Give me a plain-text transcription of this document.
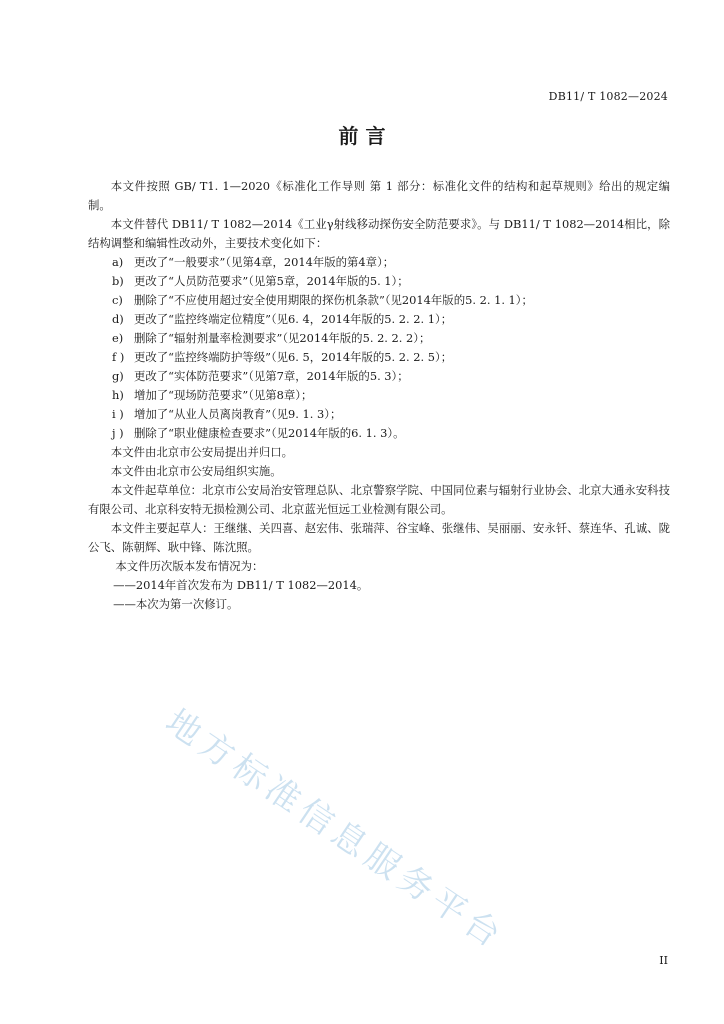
DB11/ T 1082—2024
前 言

本文件按照 GB/ T1. 1—2020《标准化工作导则 第 1 部分：标准化文件的结构和起草规则》给出的规定编制。

本文件替代 DB11/ T 1082—2014《工业γ射线移动探伤安全防范要求》。与 DB11/ T 1082—2014相比，除结构调整和编辑性改动外，主要技术变化如下：

a) 更改了“一般要求”（见第4章，2014年版的第4章）；
b) 更改了“人员防范要求”（见第5章，2014年版的5. 1）；
c) 删除了“不应使用超过安全使用期限的探伤机条款”（见2014年版的5. 2. 1. 1）；
d) 更改了“监控终端定位精度”（见6. 4，2014年版的5. 2. 2. 1）；
e) 删除了“辐射剂量率检测要求”（见2014年版的5. 2. 2. 2）；
f ) 更改了“监控终端防护等级”（见6. 5，2014年版的5. 2. 2. 5）；
g) 更改了“实体防范要求”（见第7章，2014年版的5. 3）；
h) 增加了“现场防范要求”（见第8章）；
i ) 增加了“从业人员离岗教育”（见9. 1. 3）；
j ) 删除了“职业健康检查要求”（见2014年版的6. 1. 3）。

本文件由北京市公安局提出并归口。

本文件由北京市公安局组织实施。

本文件起草单位：北京市公安局治安管理总队、北京警察学院、中国同位素与辐射行业协会、北京大通永安科技有限公司、北京科安特无损检测公司、北京蓝光恒远工业检测有限公司。

本文件主要起草人：王继继、关四喜、赵宏伟、张瑞萍、谷宝峰、张继伟、吴丽丽、安永钎、蔡连华、孔诚、陇公飞、陈朝辉、耿中锋、陈沈照。

本文件历次版本发布情况为：

——2014年首次发布为 DB11/ T 1082—2014。

——本次为第一次修订。

地方标准信息服务平台
II
